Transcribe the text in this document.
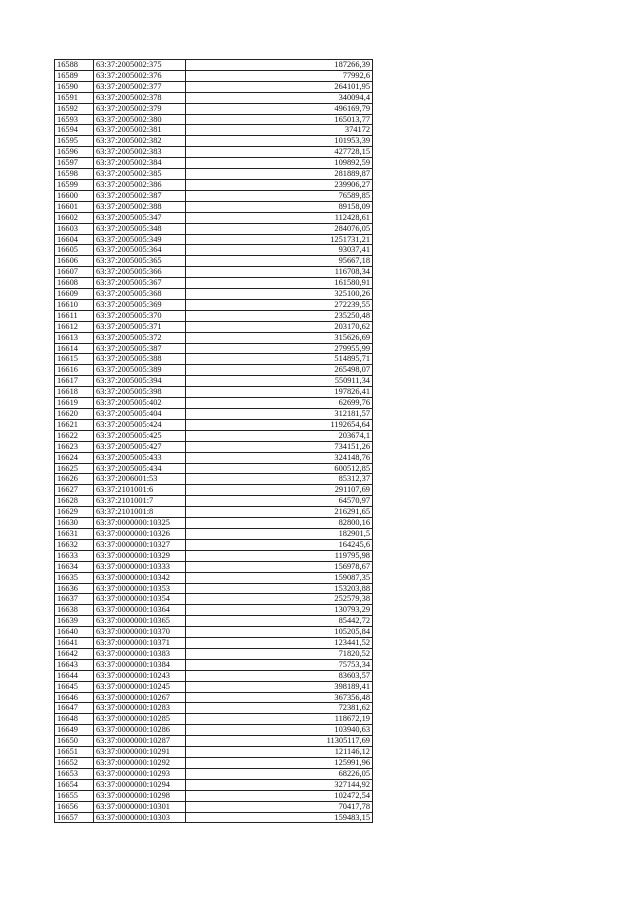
16588	63:37:2005002:375	187266,39
16589	63:37:2005002:376	77992,6
16590	63:37:2005002:377	264101,95
16591	63:37:2005002:378	340094,4
16592	63:37:2005002:379	496169,79
16593	63:37:2005002:380	165013,77
16594	63:37:2005002:381	374172
16595	63:37:2005002:382	101953,39
16596	63:37:2005002:383	427728,15
16597	63:37:2005002:384	109892,59
16598	63:37:2005002:385	281889,87
16599	63:37:2005002:386	239906,27
16600	63:37:2005002:387	76589,85
16601	63:37:2005002:388	89158,09
16602	63:37:2005005:347	112428,61
16603	63:37:2005005:348	284076,05
16604	63:37:2005005:349	1251731,21
16605	63:37:2005005:364	93037,41
16606	63:37:2005005:365	95667,18
16607	63:37:2005005:366	116708,34
16608	63:37:2005005:367	161580,91
16609	63:37:2005005:368	325100,26
16610	63:37:2005005:369	272239,55
16611	63:37:2005005:370	235250,48
16612	63:37:2005005:371	203170,62
16613	63:37:2005005:372	315626,69
16614	63:37:2005005:387	279955,99
16615	63:37:2005005:388	514895,71
16616	63:37:2005005:389	265498,07
16617	63:37:2005005:394	550911,34
16618	63:37:2005005:398	197826,41
16619	63:37:2005005:402	62699,76
16620	63:37:2005005:404	312181,57
16621	63:37:2005005:424	1192654,64
16622	63:37:2005005:425	203674,1
16623	63:37:2005005:427	734151,26
16624	63:37:2005005:433	324148,76
16625	63:37:2005005:434	600512,85
16626	63:37:2006001:53	85312,37
16627	63:37:2101001:6	291107,69
16628	63:37:2101001:7	64570,97
16629	63:37:2101001:8	216291,65
16630	63:37:0000000:10325	82800,16
16631	63:37:0000000:10326	182901,5
16632	63:37:0000000:10327	164245,6
16633	63:37:0000000:10329	119795,98
16634	63:37:0000000:10333	156978,67
16635	63:37:0000000:10342	159087,35
16636	63:37:0000000:10353	153203,88
16637	63:37:0000000:10354	252579,38
16638	63:37:0000000:10364	130793,29
16639	63:37:0000000:10365	85442,72
16640	63:37:0000000:10370	105205,84
16641	63:37:0000000:10371	123441,52
16642	63:37:0000000:10383	71820,52
16643	63:37:0000000:10384	75753,34
16644	63:37:0000000:10243	83603,57
16645	63:37:0000000:10245	398189,41
16646	63:37:0000000:10267	367356,48
16647	63:37:0000000:10283	72381,62
16648	63:37:0000000:10285	118672,19
16649	63:37:0000000:10286	103940,63
16650	63:37:0000000:10287	11305117,69
16651	63:37:0000000:10291	121146,12
16652	63:37:0000000:10292	125991,96
16653	63:37:0000000:10293	68226,05
16654	63:37:0000000:10294	327144,92
16655	63:37:0000000:10298	102472,54
16656	63:37:0000000:10301	70417,78
16657	63:37:0000000:10303	159483,15
